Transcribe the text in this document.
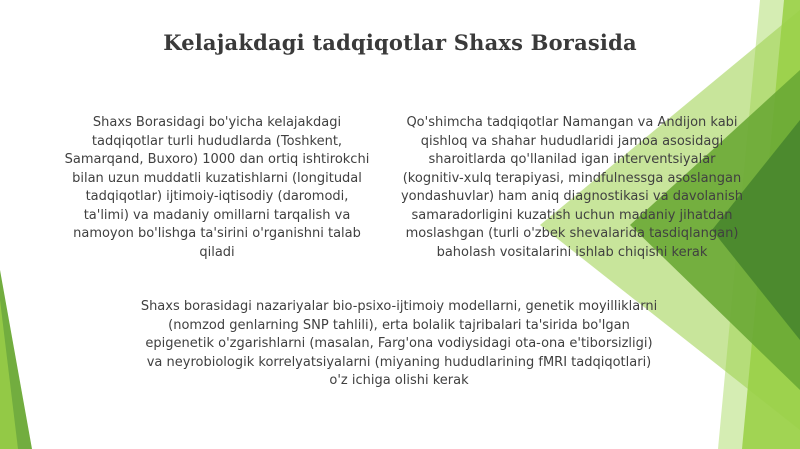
Kelajakdagi tadqiqotlar Shaxs Borasida
Shaxs Borasidagi bo'yicha kelajakdagi tadqiqotlar turli hududlarda (Toshkent, Samarqand, Buxoro) 1000 dan ortiq ishtirokchi bilan uzun muddatli kuzatishlarni (longitudal tadqiqotlar) ijtimoiy-iqtisodiy (daromodi, ta'limi) va madaniy omillarni tarqalish va namoyon bo'lishga ta'sirini o'rganishni talab qiladi
Qo'shimcha tadqiqotlar Namangan va Andijon kabi qishloq va shahar hududlaridi jamoa asosidagi sharoitlarda qo'llanilad igan interventsiyalar (kognitiv-xulq terapiyasi, mindfulnessga asoslangan yondashuvlar) ham aniq diagnostikasi va davolanish samaradorligini kuzatish uchun madaniy jihatdan moslashgan (turli o'zbek shevalarida tasdiqlangan) baholash vositalarini ishlab chiqishi kerak
Shaxs borasidagi nazariyalar bio-psixo-ijtimoiy modellarni, genetik moyilliklarni (nomzod genlarning SNP tahlili), erta bolalik tajribalari ta'sirida bo'lgan epigenetik o'zgarishlarni (masalan, Farg'ona vodiysidagi ota-ona e'tiborsizligi) va neyrobiologik korrelyatsiyalarni (miyaning hududlarining fMRI tadqiqotlari) o'z ichiga olishi kerak
